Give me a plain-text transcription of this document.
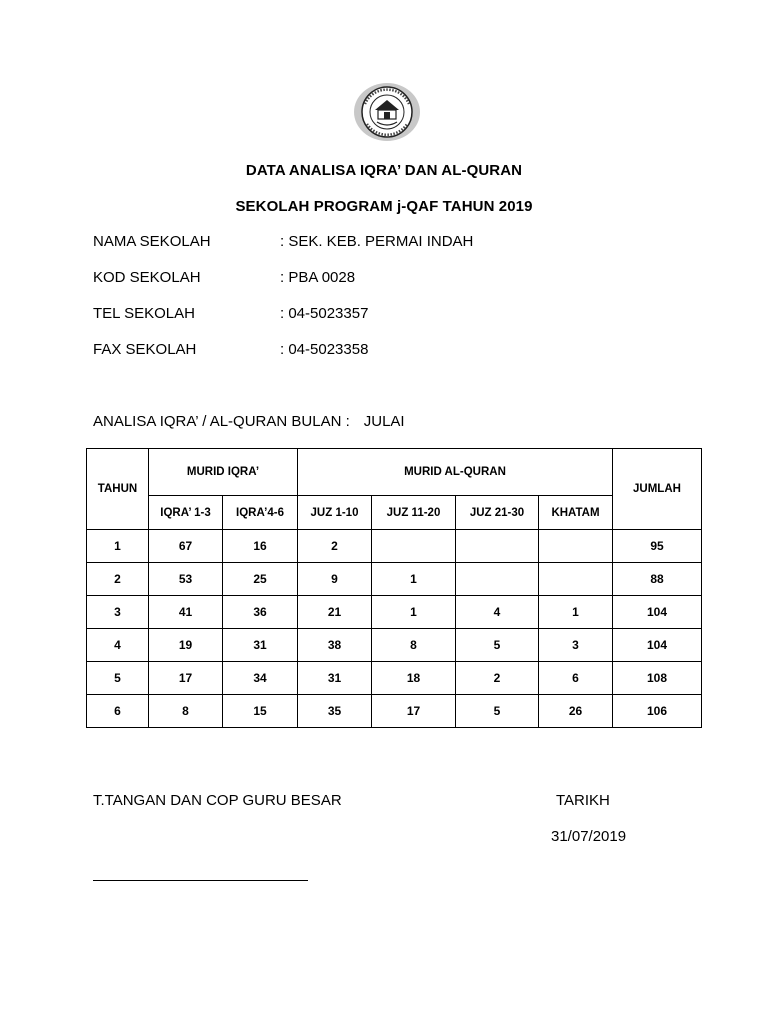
DATA ANALISA IQRA’ DAN AL-QURAN
SEKOLAH PROGRAM j-QAF TAHUN 2019
NAMA SEKOLAH	: SEK. KEB. PERMAI INDAH
KOD SEKOLAH	: PBA 0028
TEL SEKOLAH	: 04-5023357
FAX SEKOLAH	: 04-5023358
ANALISA IQRA’ / AL-QURAN BULAN : JULAI
TAHUN	MURID IQRA’		MURID AL-QURAN				JUMLAH
	IQRA’ 1-3	IQRA’4-6	JUZ 1-10	JUZ 11-20	JUZ 21-30	KHATAM	
1	67	16	2				95
2	53	25	9	1			88
3	41	36	21	1	4	1	104
4	19	31	38	8	5	3	104
5	17	34	31	18	2	6	108
6	8	15	35	17	5	26	106
T.TANGAN DAN COP GURU BESAR	TARIKH
31/07/2019
